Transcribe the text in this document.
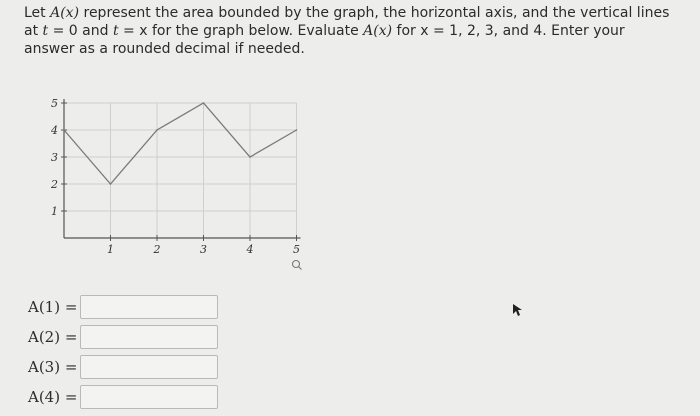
Let A(x) represent the area bounded by the graph, the horizontal axis, and the vertical lines at t = 0 and t = x for the graph below. Evaluate A(x) for x = 1, 2, 3, and 4. Enter your answer as a rounded decimal if needed.

1	2	3	4	5
1
2
3
4
5
A(1) =
A(2) =
A(3) =
A(4) =
